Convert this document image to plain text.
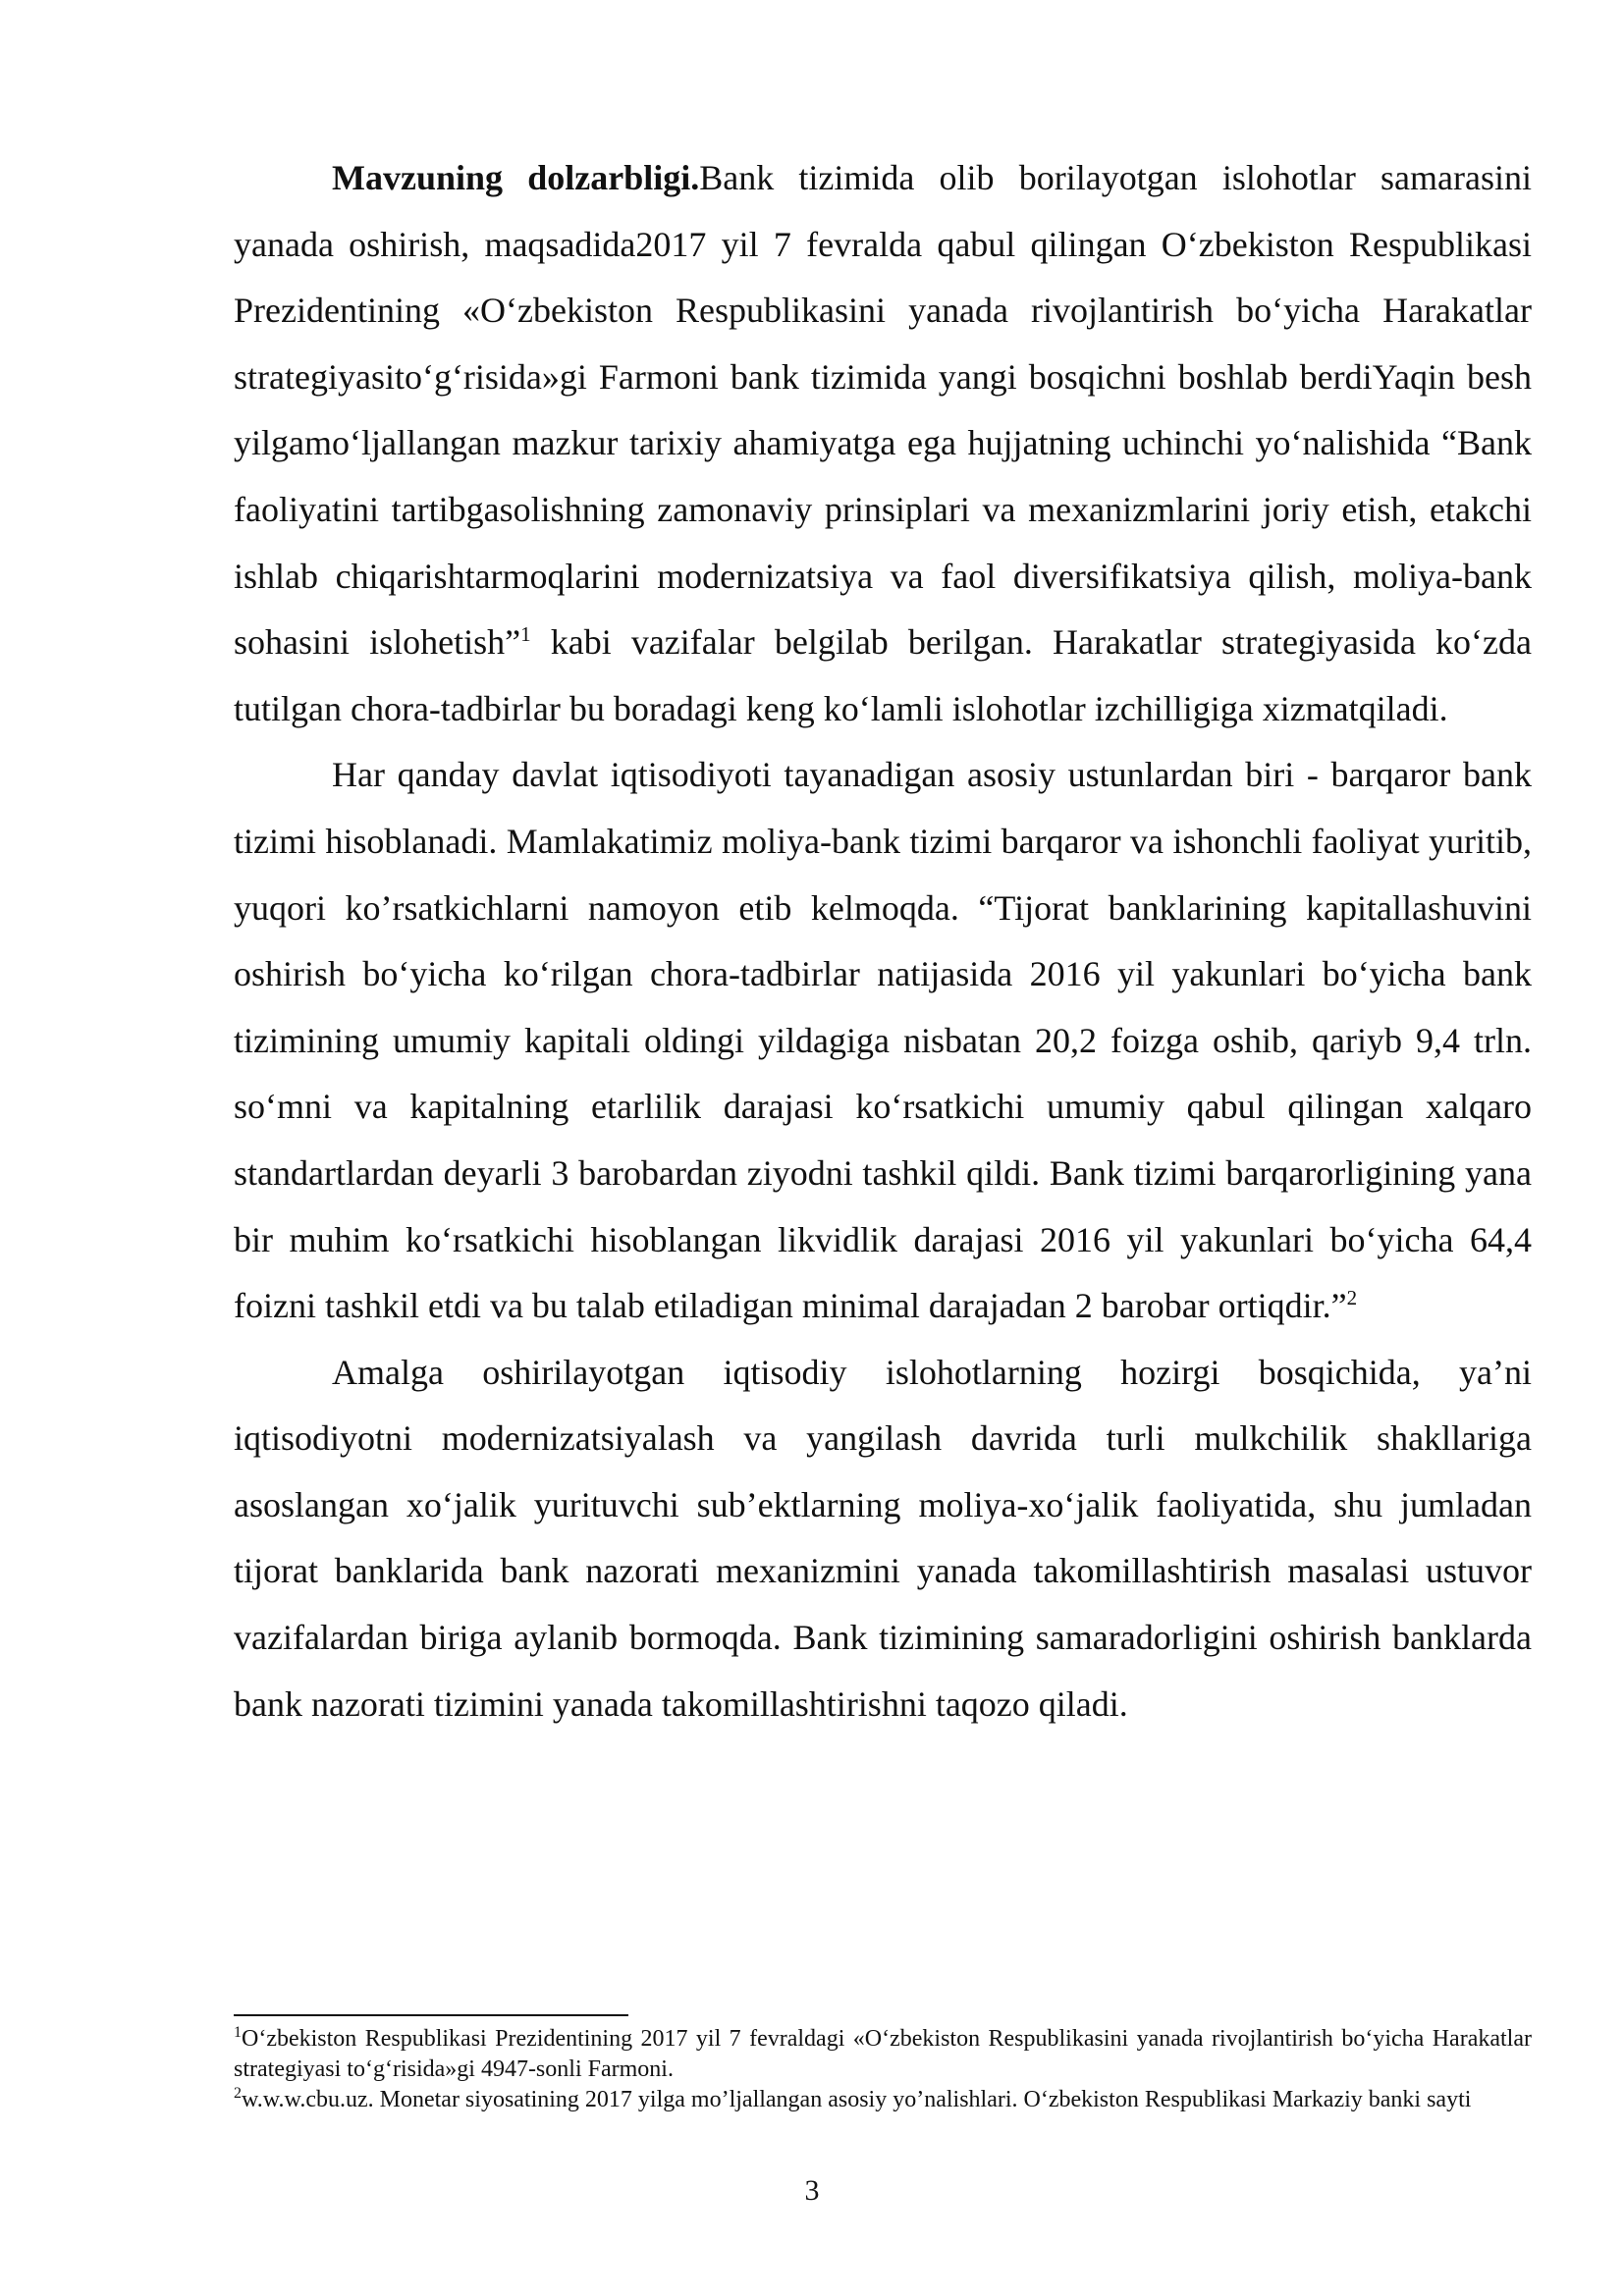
Mavzuning dolzarbligi.Bank tizimida olib borilayotgan islohotlar samarasini yanada oshirish, maqsadida2017 yil 7 fevralda qabul qilingan O‘zbekiston Respublikasi Prezidentining «O‘zbekiston Respublikasini yanada rivojlantirish bo‘yicha Harakatlar strategiyasito‘g‘risida»gi Farmoni bank tizimida yangi bosqichni boshlab berdiYaqin besh yilgamo‘ljallangan mazkur tarixiy ahamiyatga ega hujjatning uchinchi yo‘nalishida “Bank faoliyatini tartibgasolishning zamonaviy prinsiplari va mexanizmlarini joriy etish, etakchi ishlab chiqarishtarmoqlarini modernizatsiya va faol diversifikatsiya qilish, moliya-bank sohasini islohetish”$^1$ kabi vazifalar belgilab berilgan. Harakatlar strategiyasida ko‘zda tutilgan chora-tadbirlar bu boradagi keng ko‘lamli islohotlar izchilligiga xizmatqiladi.

Har qanday davlat iqtisodiyoti tayanadigan asosiy ustunlardan biri - barqaror bank tizimi hisoblanadi. Mamlakatimiz moliya-bank tizimi barqaror va ishonchli faoliyat yuritib, yuqori ko’rsatkichlarni namoyon etib kelmoqda. “Tijorat banklarining kapitallashuvini oshirish bo‘yicha ko‘rilgan chora-tadbirlar natijasida 2016 yil yakunlari bo‘yicha bank tizimining umumiy kapitali oldingi yildagiga nisbatan 20,2 foizga oshib, qariyb 9,4 trln. so‘mni va kapitalning etarlilik darajasi ko‘rsatkichi umumiy qabul qilingan xalqaro standartlardan deyarli 3 barobardan ziyodni tashkil qildi. Bank tizimi barqarorligining yana bir muhim ko‘rsatkichi hisoblangan likvidlik darajasi 2016 yil yakunlari bo‘yicha 64,4 foizni tashkil etdi va bu talab etiladigan minimal darajadan 2 barobar ortiqdir.”$^2$

Amalga oshirilayotgan iqtisodiy islohotlarning hozirgi bosqichida, ya’ni iqtisodiyotni modernizatsiyalash va yangilash davrida turli mulkchilik shakllariga asoslangan xo‘jalik yurituvchi sub’ektlarning moliya-xo‘jalik faoliyatida, shu jumladan tijorat banklarida bank nazorati mexanizmini yanada takomillashtirish masalasi ustuvor vazifalardan biriga aylanib bormoqda. Bank tizimining samaradorligini oshirish banklarda bank nazorati tizimini yanada takomillashtirishni taqozo qiladi.

$^1$O‘zbekiston Respublikasi Prezidentining 2017 yil 7 fevraldagi «O‘zbekiston Respublikasini yanada rivojlantirish bo‘yicha Harakatlar strategiyasi to‘g‘risida»gi 4947-sonli Farmoni.

$^2$w.w.w.cbu.uz. Monetar siyosatining 2017 yilga mo’ljallangan asosiy yo’nalishlari. O‘zbekiston Respublikasi Markaziy banki sayti

3
